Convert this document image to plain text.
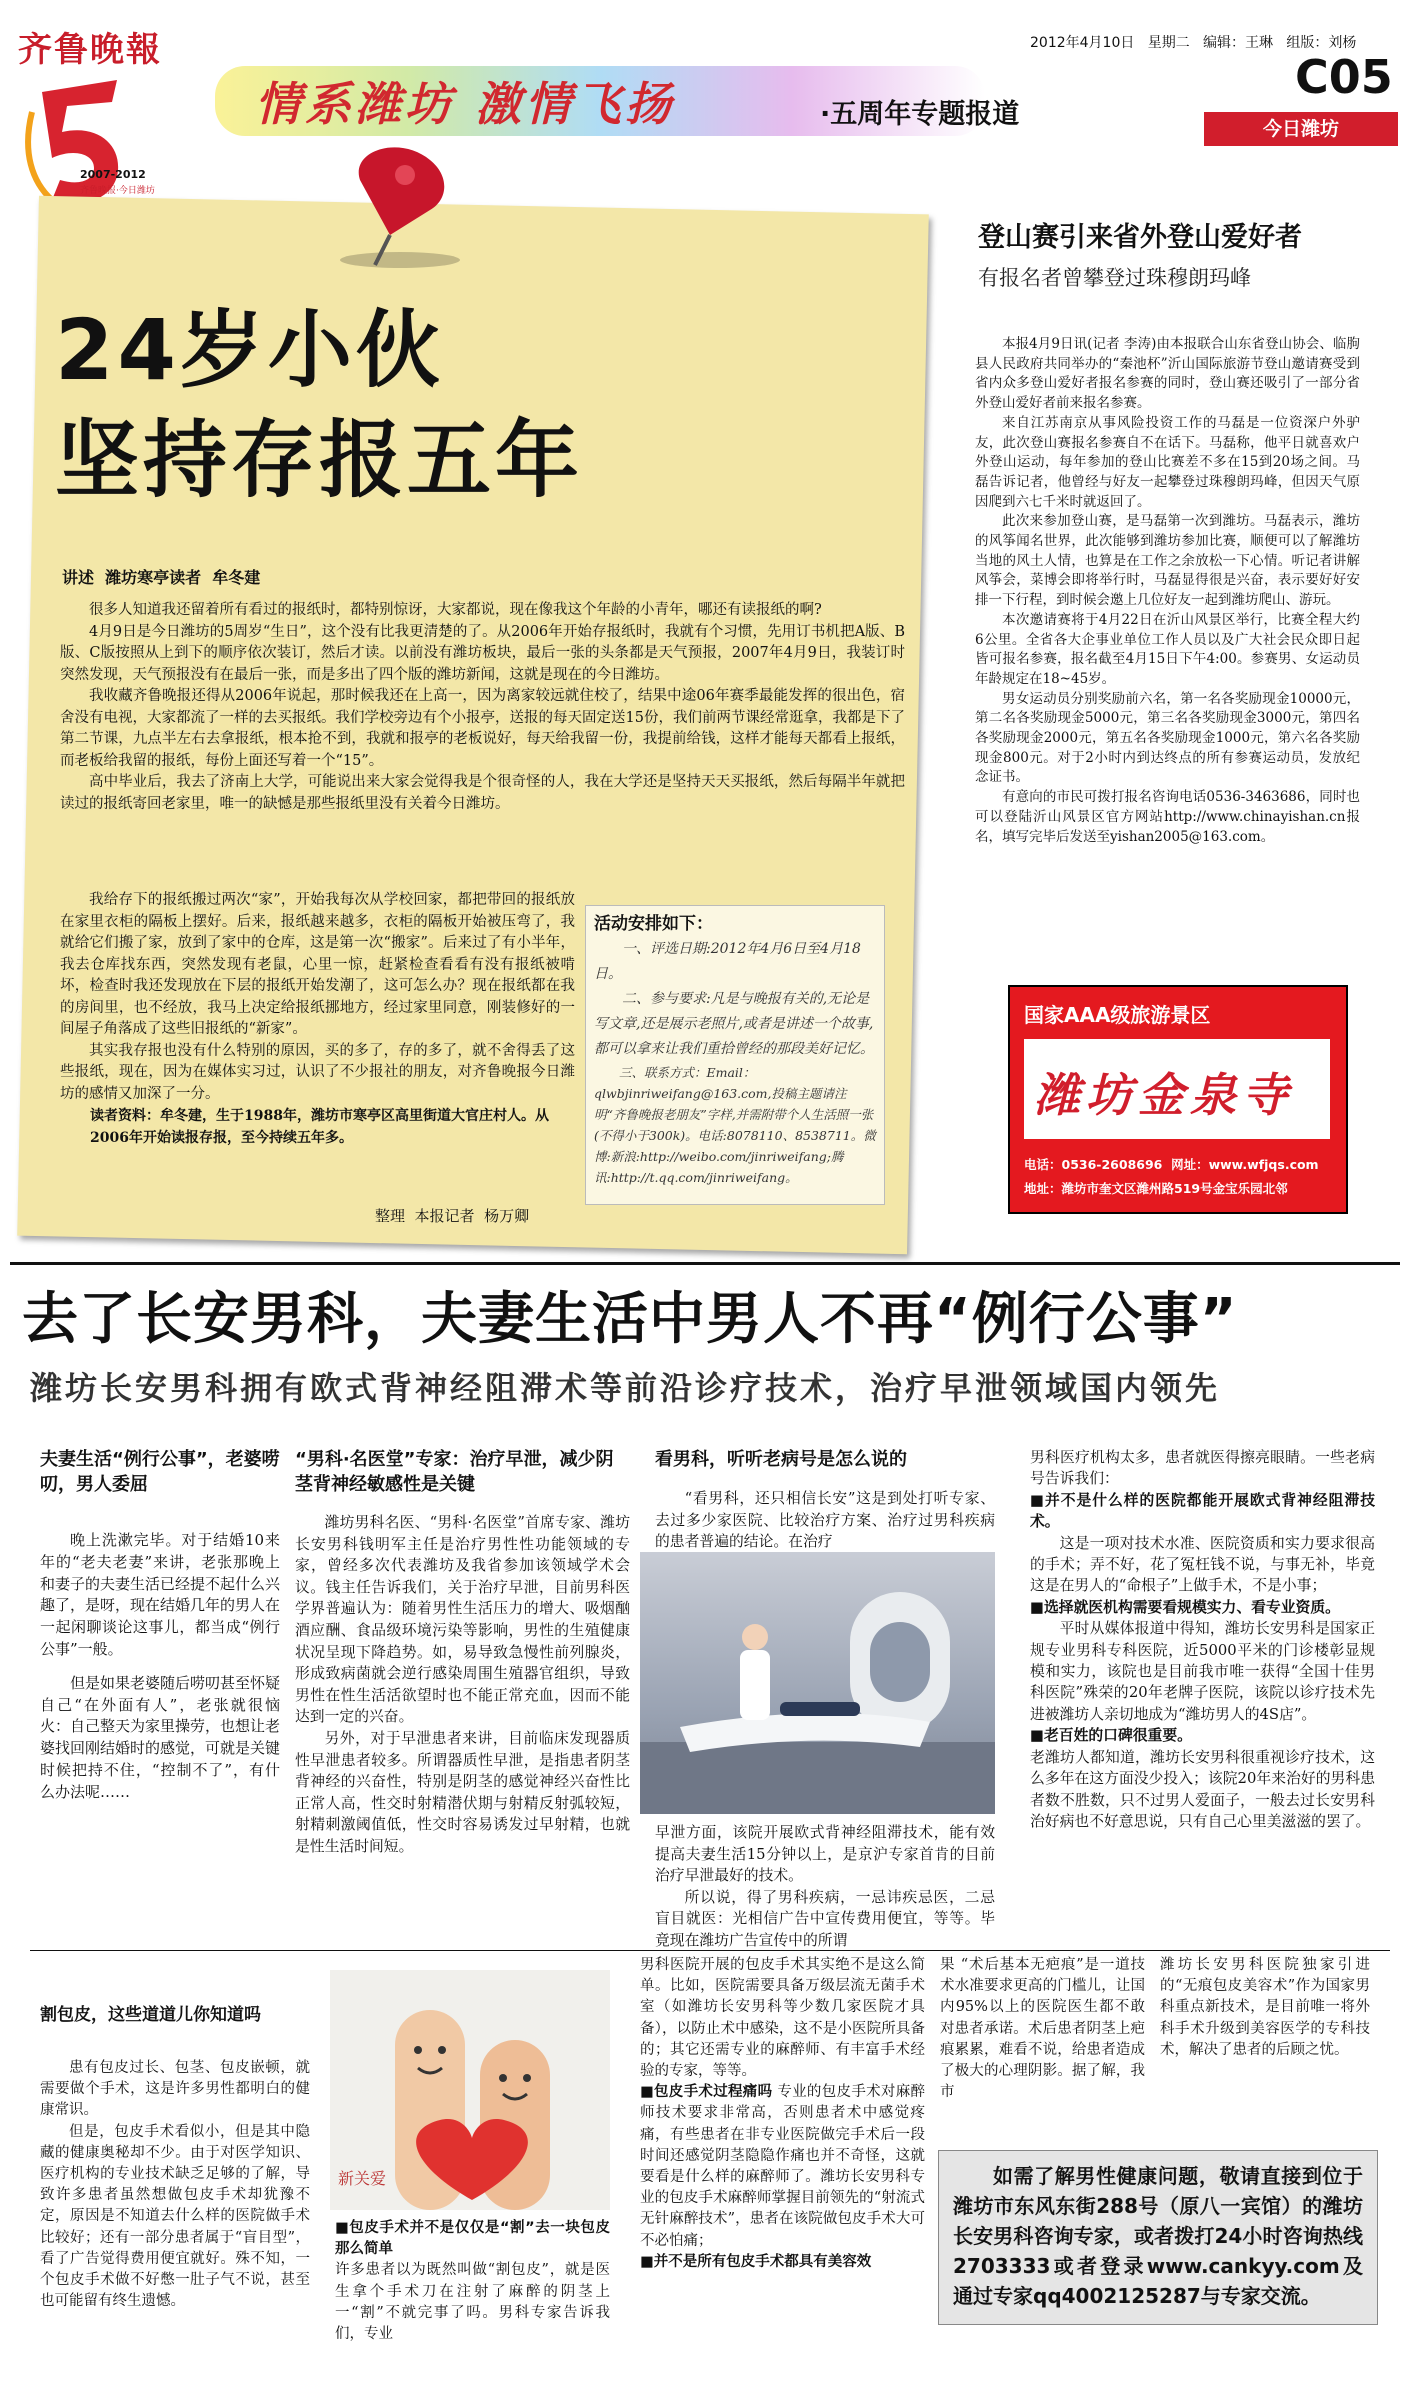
齐鲁晚報
2007-2012
齐鲁晚报·今日潍坊
情系潍坊 激情飞扬	·五周年专题报道
2012年4月10日   星期二   编辑：王琳   组版：刘杨
C05
今日潍坊
24岁小伙
坚持存报五年
讲述  潍坊寒亭读者  牟冬建

很多人知道我还留着所有看过的报纸时，都特别惊讶，大家都说，现在像我这个年龄的小青年，哪还有读报纸的啊?

4月9日是今日潍坊的5周岁“生日”，这个没有比我更清楚的了。从2006年开始存报纸时，我就有个习惯，先用订书机把A版、B版、C版按照从上到下的顺序依次装订，然后才读。以前没有潍坊板块，最后一张的头条都是天气预报，2007年4月9日，我装订时突然发现，天气预报没有在最后一张，而是多出了四个版的潍坊新闻，这就是现在的今日潍坊。

我收藏齐鲁晚报还得从2006年说起，那时候我还在上高一，因为离家较远就住校了，结果中途06年赛季最能发挥的很出色，宿舍没有电视，大家都流了一样的去买报纸。我们学校旁边有个小报亭，送报的每天固定送15份，我们前两节课经常逛拿，我都是下了第二节课，九点半左右去拿报纸，根本抢不到，我就和报亭的老板说好，每天给我留一份，我提前给钱，这样才能每天都看上报纸，而老板给我留的报纸，每份上面还写着一个“15”。

高中毕业后，我去了济南上大学，可能说出来大家会觉得我是个很奇怪的人，我在大学还是坚持天天买报纸，然后每隔半年就把读过的报纸寄回老家里，唯一的缺憾是那些报纸里没有关着今日潍坊。

我给存下的报纸搬过两次“家”，开始我每次从学校回家，都把带回的报纸放在家里衣柜的隔板上摆好。后来，报纸越来越多，衣柜的隔板开始被压弯了，我就给它们搬了家，放到了家中的仓库，这是第一次“搬家”。后来过了有小半年，我去仓库找东西，突然发现有老鼠，心里一惊，赶紧检查看看有没有报纸被啃坏，检查时我还发现放在下层的报纸开始发潮了，这可怎么办？现在报纸都在我的房间里，也不经放，我马上决定给报纸挪地方，经过家里同意，刚装修好的一间屋子角落成了这些旧报纸的“新家”。

其实我存报也没有什么特别的原因，买的多了，存的多了，就不舍得丢了这些报纸，现在，因为在媒体实习过，认识了不少报社的朋友，对齐鲁晚报今日潍坊的感情又加深了一分。

活动安排如下：
一、评选日期:2012年4月6日至4月18日。
二、参与要求:凡是与晚报有关的,无论是写文章,还是展示老照片,或者是讲述一个故事,都可以拿来让我们重拾曾经的那段美好记忆。
三、联系方式：Email：qlwbjinriweifang@163.com,投稿主题请注明“齐鲁晚报老朋友”字样,并需附带个人生活照一张(不得小于300k)。电话:8078110、8538711。微博:新浪:http://weibo.com/jinriweifang;腾讯:http://t.qq.com/jinriweifang。
读者资料：牟冬建，生于1988年，潍坊市寒亭区高里街道大官庄村人。从2006年开始读报存报，至今持续五年多。
整理  本报记者  杨万卿
登山赛引来省外登山爱好者
有报名者曾攀登过珠穆朗玛峰

本报4月9日讯(记者 李涛)由本报联合山东省登山协会、临朐县人民政府共同举办的“秦池杯”沂山国际旅游节登山邀请赛受到省内众多登山爱好者报名参赛的同时，登山赛还吸引了一部分省外登山爱好者前来报名参赛。

来自江苏南京从事风险投资工作的马磊是一位资深户外驴友，此次登山赛报名参赛自不在话下。马磊称，他平日就喜欢户外登山运动，每年参加的登山比赛差不多在15到20场之间。马磊告诉记者，他曾经与好友一起攀登过珠穆朗玛峰，但因天气原因爬到六七千米时就返回了。

此次来参加登山赛，是马磊第一次到潍坊。马磊表示，潍坊的风筝闻名世界，此次能够到潍坊参加比赛，顺便可以了解潍坊当地的风土人情，也算是在工作之余放松一下心情。听记者讲解风筝会，菜博会即将举行时，马磊显得很是兴奋，表示要好好安排一下行程，到时候会邀上几位好友一起到潍坊爬山、游玩。

本次邀请赛将于4月22日在沂山风景区举行，比赛全程大约6公里。全省各大企事业单位工作人员以及广大社会民众即日起皆可报名参赛，报名截至4月15日下午4:00。参赛男、女运动员年龄规定在18~45岁。

男女运动员分别奖励前六名，第一名各奖励现金10000元，第二名各奖励现金5000元，第三名各奖励现金3000元，第四名各奖励现金2000元，第五名各奖励现金1000元，第六名各奖励现金800元。对于2小时内到达终点的所有参赛运动员，发放纪念证书。

有意向的市民可拨打报名咨询电话0536-3463686，同时也可以登陆沂山风景区官方网站http://www.chinayishan.cn报名，填写完毕后发送至yishan2005@163.com。

国家AAA级旅游景区
潍坊金泉寺
电话：0536-2608696  网址：www.wfjqs.com
地址：潍坊市奎文区潍州路519号金宝乐园北邻
去了长安男科，夫妻生活中男人不再“例行公事”
潍坊长安男科拥有欧式背神经阻滞术等前沿诊疗技术，治疗早泄领域国内领先
夫妻生活“例行公事”，老婆唠叨，男人委屈

晚上洗漱完毕。对于结婚10来年的“老夫老妻”来讲，老张那晚上和妻子的夫妻生活已经提不起什么兴趣了，是呀，现在结婚几年的男人在一起闲聊谈论这事儿，都当成“例行公事”一般。

但是如果老婆随后唠叨甚至怀疑自己“在外面有人”，老张就很恼火：自己整天为家里操劳，也想让老婆找回刚结婚时的感觉，可就是关键时候把持不住，“控制不了”，有什么办法呢……

“男科·名医堂”专家：治疗早泄，减少阴茎背神经敏感性是关键

潍坊男科名医、“男科·名医堂”首席专家、潍坊长安男科钱明军主任是治疗男性性功能领域的专家，曾经多次代表潍坊及我省参加该领域学术会议。钱主任告诉我们，关于治疗早泄，目前男科医学界普遍认为：随着男性生活压力的增大、吸烟酗酒应酬、食品级环境污染等影响，男性的生殖健康状况呈现下降趋势。如，易导致急慢性前列腺炎，形成致病菌就会逆行感染周围生殖器官组织，导致男性在性生活活欲望时也不能正常充血，因而不能达到一定的兴奋。

另外，对于早泄患者来讲，目前临床发现器质性早泄患者较多。所谓器质性早泄，是指患者阴茎背神经的兴奋性，特别是阴茎的感觉神经兴奋性比正常人高，性交时射精潜伏期与射精反射弧较短，射精刺激阈值低，性交时容易诱发过早射精，也就是性生活时间短。

看男科，听听老病号是怎么说的
“看男科，还只相信长安”这是到处打听专家、去过多少家医院、比较治疗方案、治疗过男科疾病的患者普遍的结论。在治疗

早泄方面，该院开展欧式背神经阻滞技术，能有效提高夫妻生活15分钟以上，是京沪专家首肯的目前治疗早泄最好的技术。

所以说，得了男科疾病，一忌讳疾忌医，二忌盲目就医：光相信广告中宣传费用便宜，等等。毕竟现在潍坊广告宣传中的所谓

男科医疗机构太多，患者就医得擦亮眼睛。一些老病号告诉我们：

■并不是什么样的医院都能开展欧式背神经阻滞技术。

这是一项对技术水准、医院资质和实力要求很高的手术；弄不好，花了冤枉钱不说，与事无补，毕竟这是在男人的“命根子”上做手术，不是小事；

■选择就医机构需要看规模实力、看专业资质。

平时从媒体报道中得知，潍坊长安男科是国家正规专业男科专科医院，近5000平米的门诊楼彰显规模和实力，该院也是目前我市唯一获得“全国十佳男科医院”殊荣的20年老牌子医院，该院以诊疗技术先进被潍坊人亲切地成为“潍坊男人的4S店”。

■老百姓的口碑很重要。

老潍坊人都知道，潍坊长安男科很重视诊疗技术，这么多年在这方面没少投入；该院20年来治好的男科患者数不胜数，只不过男人爱面子，一般去过长安男科治好病也不好意思说，只有自己心里美滋滋的罢了。

割包皮，这些道道儿你知道吗

患有包皮过长、包茎、包皮嵌顿，就需要做个手术，这是许多男性都明白的健康常识。

但是，包皮手术看似小，但是其中隐藏的健康奥秘却不少。由于对医学知识、医疗机构的专业技术缺乏足够的了解，导致许多患者虽然想做包皮手术却犹豫不定，原因是不知道去什么样的医院做手术比较好；还有一部分患者属于“盲目型”，看了广告觉得费用便宜就好。殊不知，一个包皮手术做不好憋一肚子气不说，甚至也可能留有终生遗憾。

新关爱

■包皮手术并不是仅仅是“割”去一块包皮那么简单

许多患者以为既然叫做“割包皮”，就是医生拿个手术刀在注射了麻醉的阴茎上一“割”不就完事了吗。男科专家告诉我们，专业

男科医院开展的包皮手术其实绝不是这么简单。比如，医院需要具备万级层流无菌手术室（如潍坊长安男科等少数几家医院才具备），以防止术中感染，这不是小医院所具备的；其它还需专业的麻醉师、有丰富手术经验的专家，等等。

■包皮手术过程痛吗

专业的包皮手术对麻醉师技术要求非常高，否则患者术中感觉疼痛，有些患者在非专业医院做完手术后一段时间还感觉阴茎隐隐作痛也并不奇怪，这就要看是什么样的麻醉师了。潍坊长安男科专业的包皮手术麻醉师掌握目前领先的“射流式无针麻醉技术”，患者在该院做包皮手术大可不必怕痛；

■并不是所有包皮手术都具有美容效

果 “术后基本无疤痕”是一道技术水准要求更高的门槛儿，让国内95%以上的医院医生都不敢对患者承诺。术后患者阴茎上疤痕累累，难看不说，给患者造成了极大的心理阴影。据了解，我市
潍坊长安男科医院独家引进的“无痕包皮美容术”作为国家男科重点新技术，是目前唯一将外科手术升级到美容医学的专科技术，解决了患者的后顾之忧。
如需了解男性健康问题，敬请直接到位于潍坊市东风东街288号（原八一宾馆）的潍坊长安男科咨询专家，或者拨打24小时咨询热线2703333或者登录www.cankyy.com及通过专家qq4002125287与专家交流。
